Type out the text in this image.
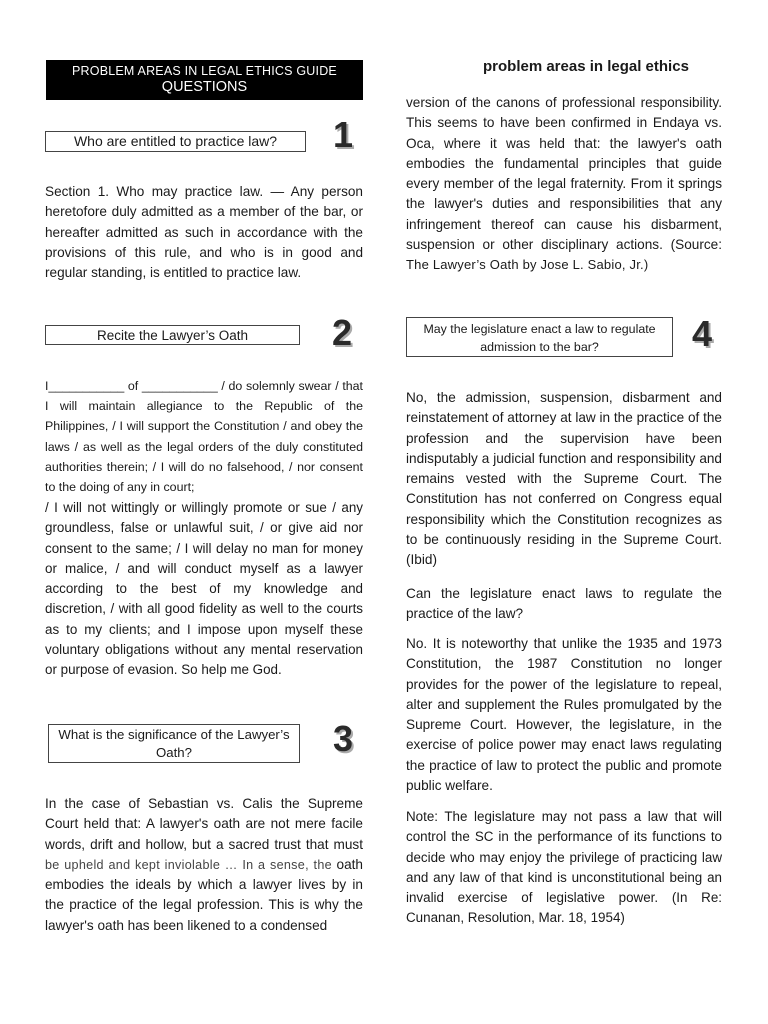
PROBLEM AREAS IN LEGAL ETHICS GUIDE
QUESTIONS
problem areas in legal ethics
Who are entitled to practice law?	1
Section 1. Who may practice law. — Any person heretofore duly admitted as a member of the bar, or hereafter admitted as such in accordance with the provisions of this rule, and who is in good and regular standing, is entitled to practice law.
Recite the Lawyer’s Oath	2
I___________ of ___________ / do solemnly swear / that I will maintain allegiance to the Republic of the Philippines, / I will support the Constitution / and obey the laws / as well as the legal orders of the duly constituted authorities therein; / I will do no falsehood, / nor consent to the doing of any in court;
/ I will not wittingly or willingly promote or sue / any groundless, false or unlawful suit, / or give aid nor consent to the same; / I will delay no man for money or malice, / and will conduct myself as a lawyer according to the best of my knowledge and discretion, / with all good fidelity as well to the courts as to my clients; and I impose upon myself these voluntary obligations without any mental reservation or purpose of evasion. So help me God.
What is the significance of the Lawyer’s Oath?	3
In the case of Sebastian vs. Calis the Supreme Court held that: A lawyer's oath are not mere facile words, drift and hollow, but a sacred trust that must be upheld and kept inviolable … In a sense, the oath embodies the ideals by which a lawyer lives by in the practice of the legal profession. This is why the lawyer's oath has been likened to a condensed
version of the canons of professional responsibility. This seems to have been confirmed in Endaya vs. Oca, where it was held that: the lawyer's oath embodies the fundamental principles that guide every member of the legal fraternity. From it springs the lawyer's duties and responsibilities that any infringement thereof can cause his disbarment, suspension or other disciplinary actions. (Source: The Lawyer’s Oath by Jose L. Sabio, Jr.)
May the legislature enact a law to regulate admission to the bar?	4
No, the admission, suspension, disbarment and reinstatement of attorney at law in the practice of the profession and the supervision have been indisputably a judicial function and responsibility and remains vested with the Supreme Court. The Constitution has not conferred on Congress equal responsibility which the Constitution recognizes as to be continuously residing in the Supreme Court. (Ibid)
Can the legislature enact laws to regulate the practice of the law?
No. It is noteworthy that unlike the 1935 and 1973 Constitution, the 1987 Constitution no longer provides for the power of the legislature to repeal, alter and supplement the Rules promulgated by the Supreme Court. However, the legislature, in the exercise of police power may enact laws regulating the practice of law to protect the public and promote public welfare.
Note: The legislature may not pass a law that will control the SC in the performance of its functions to decide who may enjoy the privilege of practicing law and any law of that kind is unconstitutional being an invalid exercise of legislative power. (In Re: Cunanan, Resolution, Mar. 18, 1954)
